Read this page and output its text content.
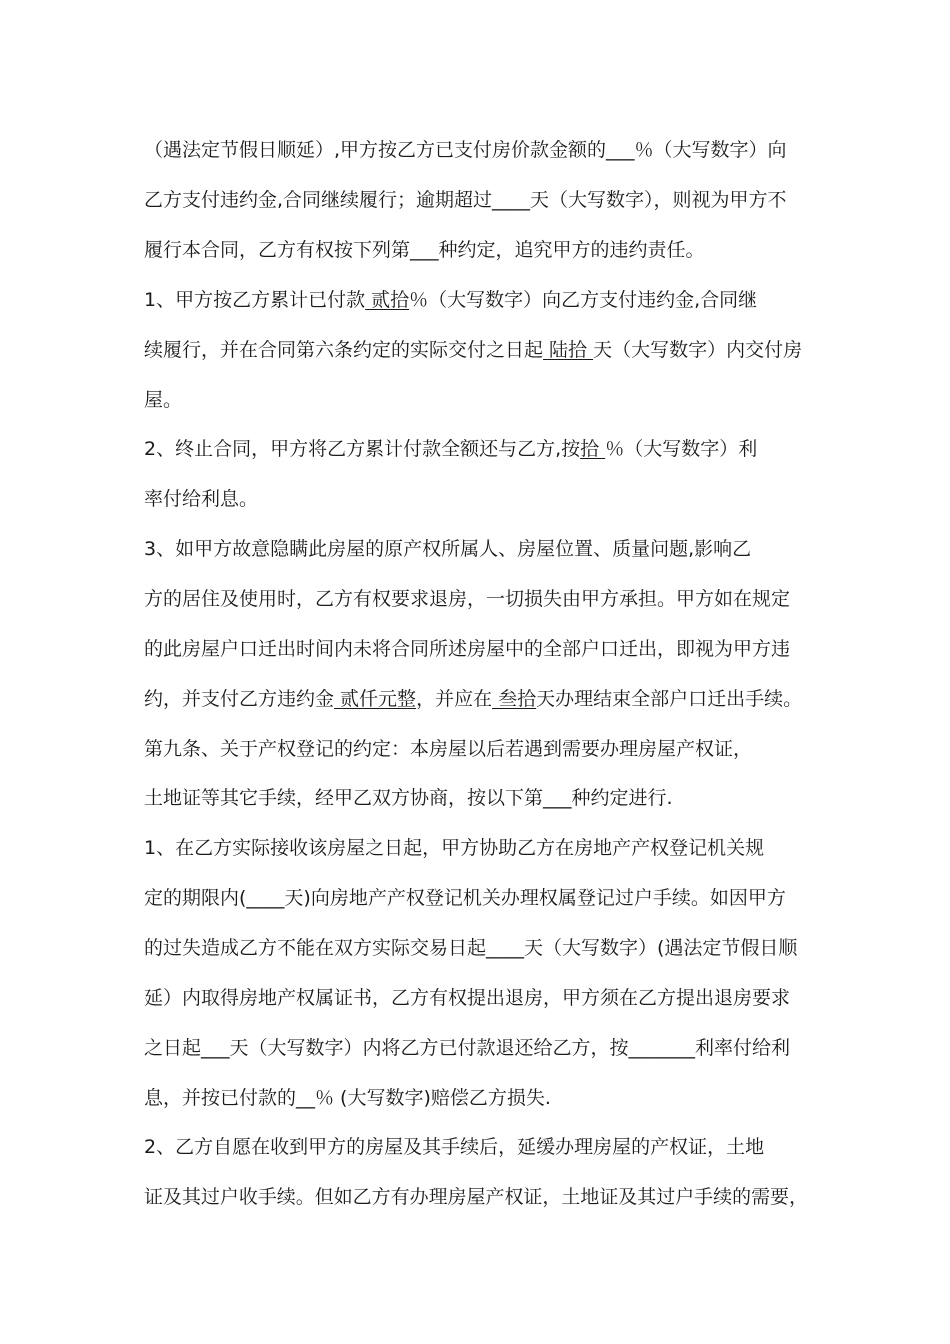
（遇法定节假日顺延）,甲方按乙方已支付房价款金额的___％（大写数字）向
乙方支付违约金,合同继续履行；逾期超过____天（大写数字），则视为甲方不
履行本合同，乙方有权按下列第___种约定，追究甲方的违约责任。
1、甲方按乙方累计已付款 贰拾％（大写数字）向乙方支付违约金,合同继
续履行，并在合同第六条约定的实际交付之日起 陆拾 天（大写数字）内交付房
屋。
2、终止合同，甲方将乙方累计付款全额还与乙方,按拾 ％（大写数字）利
率付给利息。
3、如甲方故意隐瞒此房屋的原产权所属人、房屋位置、质量问题,影响乙
方的居住及使用时，乙方有权要求退房，一切损失由甲方承担。甲方如在规定
的此房屋户口迁出时间内未将合同所述房屋中的全部户口迁出，即视为甲方违
约，并支付乙方违约金 贰仟元整，并应在 叁拾天办理结束全部户口迁出手续。
第九条、关于产权登记的约定：本房屋以后若遇到需要办理房屋产权证，
土地证等其它手续，经甲乙双方协商，按以下第___种约定进行.
1、在乙方实际接收该房屋之日起，甲方协助乙方在房地产产权登记机关规
定的期限内(____天)向房地产产权登记机关办理权属登记过户手续。如因甲方
的过失造成乙方不能在双方实际交易日起____天（大写数字）(遇法定节假日顺
延）内取得房地产权属证书，乙方有权提出退房，甲方须在乙方提出退房要求
之日起___天（大写数字）内将乙方已付款退还给乙方，按_______利率付给利
息，并按已付款的__％ (大写数字)赔偿乙方损失.
2、乙方自愿在收到甲方的房屋及其手续后，延缓办理房屋的产权证，土地
证及其过户收手续。但如乙方有办理房屋产权证，土地证及其过户手续的需要，
